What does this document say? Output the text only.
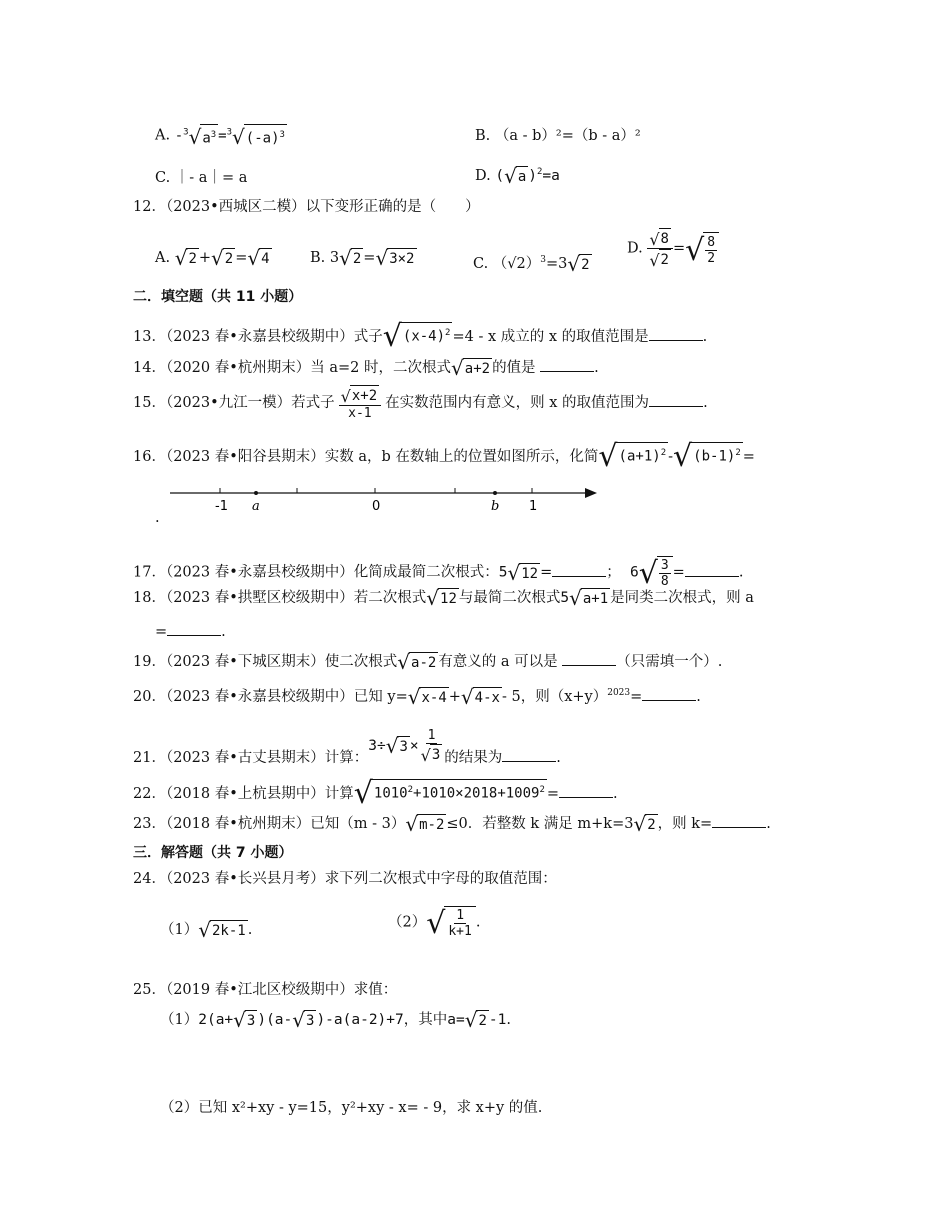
A. -$^3$ √ $a^3 =^3$ √ $(-a)^3$	B. （a - b）²=（b - a）²
C. ｜- a｜= a	D. ( √ a )$^2$=a
12．（2023•西城区二模）以下变形正确的是（　　）
A. √ 2 + √ 2 = √ 4	B. 3 √ 2 = √ 3×2	C. $(√2)^3=3$ √ 2
D. $\frac{√ 8}{√ 2}$ = √ $\frac{8}{2}$
二．填空题（共 11 小题）
13．（2023 春•永嘉县校级期中）式子 √ $(x-4)^2 =4 - x$ 成立的 x 的取值范围是	.
14．（2020 春•杭州期末）当 a=2 时，二次根式 √ a+2 的值是	.
15．（2023•九江一模）若式子 $\frac{√ x+2}{x-1}$ 在实数范围内有意义，则 x 的取值范围为	.
16．（2023 春•阳谷县期末）实数 a，b 在数轴上的位置如图所示，化简 √ $(a+1)^2$ - √ $(b-1)^2$ =
-1 a	0	b 1
.
17．（2023 春•永嘉县校级期中）化简成最简二次根式：5 √ 12 =	； 6 √ $\frac{3}{8}$ =	.
18．（2023 春•拱墅区校级期中）若二次根式 √ 12 与最简二次根式5 √ a+1 是同类二次根式，则 a
=	.
19．（2023 春•下城区期末）使二次根式 √ a-2 有意义的 a 可以是	（只需填一个）.
20．（2023 春•永嘉县校级期中）已知 y= √ x-4 + √ 4-x - 5，则$(x+y)^{2023}=$	.
21．（2023 春•古丈县期末）计算：3÷ √ $3 \times \frac{1}{√ 3}$ 的结果为	.
22．（2018 春•上杭县期中）计算 √ $1010^2+1010\times 2018+1009^2$ =	.
23．（2018 春•杭州期末）已知（m - 3） √ m-2 ≤0．若整数 k 满足 m+k=3 √ 2 ，则 k=	.
三．解答题（共 7 小题）
24．（2023 春•长兴县月考）求下列二次根式中字母的取值范围：
（1） √ 2k-1 .	（2） √ $\frac{1}{k+1}$ .
25．（2019 春•江北区校级期中）求值：
（1）2(a+ √ 3 )(a- √ 3 )-a(a-2)+7，其中a= √ 2 -1.
（2）已知 x²+xy - y=15，y²+xy - x= - 9，求 x+y 的值.
